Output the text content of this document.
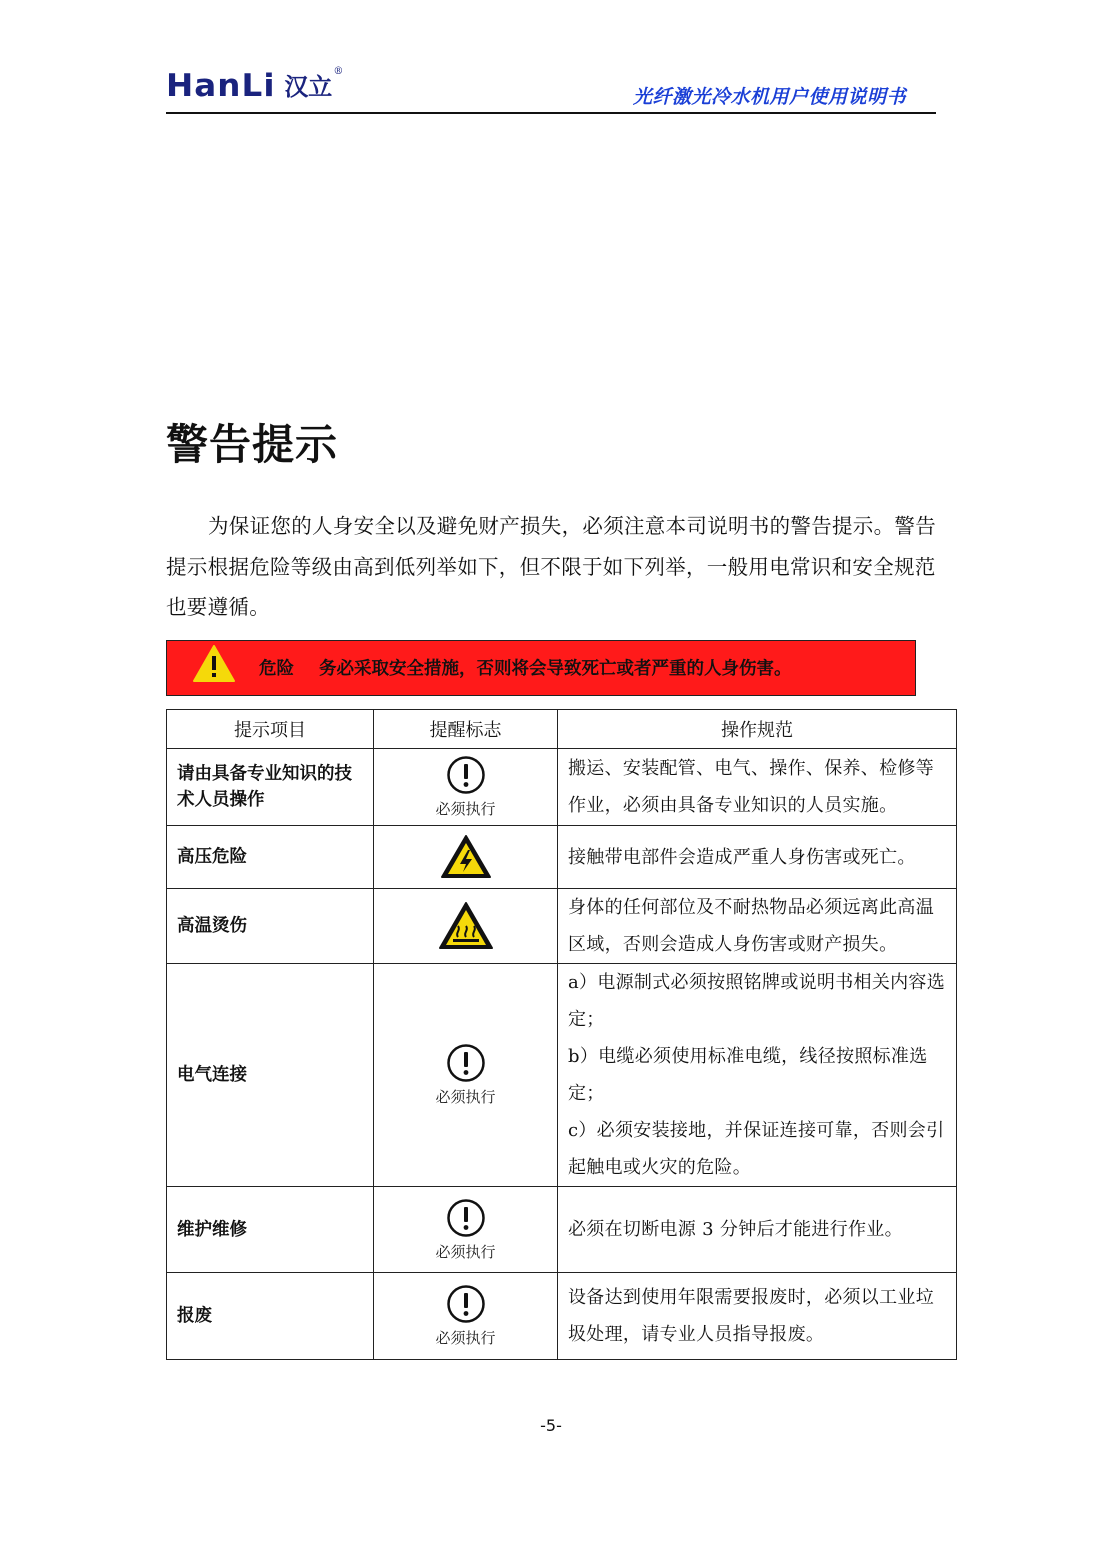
HanLi 汉立
®
光纤激光冷水机用户使用说明书
警告提示
为保证您的人身安全以及避免财产损失，必须注意本司说明书的警告提示。警告提示根据危险等级由高到低列举如下，但不限于如下列举，一般用电常识和安全规范也要遵循。
危险 务必采取安全措施，否则将会导致死亡或者严重的人身伤害。
提示项目	提醒标志	操作规范
请由具备专业知识的技术人员操作	必须执行	搬运、安装配管、电气、操作、保养、检修等作业，必须由具备专业知识的人员实施。
高压危险		接触带电部件会造成严重人身伤害或死亡。
高温烫伤		身体的任何部位及不耐热物品必须远离此高温区域，否则会造成人身伤害或财产损失。
电气连接	必须执行	a）电源制式必须按照铭牌或说明书相关内容选定；
b）电缆必须使用标准电缆，线径按照标准选定；
c）必须安装接地，并保证连接可靠，否则会引起触电或火灾的危险。

维护维修	必须执行	必须在切断电源 3 分钟后才能进行作业。
报废	必须执行	设备达到使用年限需要报废时，必须以工业垃圾处理，请专业人员指导报废。
-5-
